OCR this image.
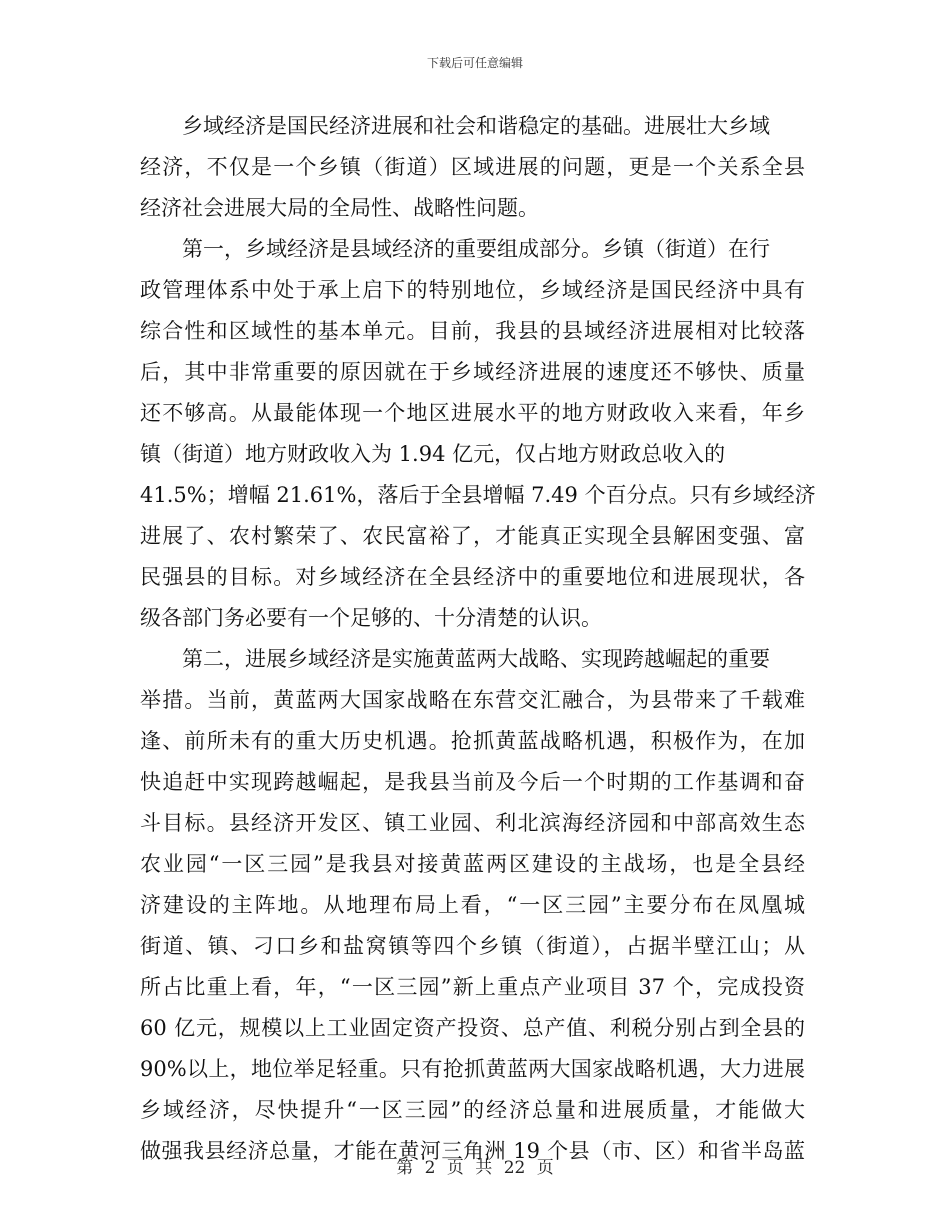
下载后可任意编辑
乡域经济是国民经济进展和社会和谐稳定的基础。进展壮大乡域
经济，不仅是一个乡镇（街道）区域进展的问题，更是一个关系全县
经济社会进展大局的全局性、战略性问题。
第一，乡域经济是县域经济的重要组成部分。乡镇（街道）在行
政管理体系中处于承上启下的特别地位，乡域经济是国民经济中具有
综合性和区域性的基本单元。目前，我县的县域经济进展相对比较落
后，其中非常重要的原因就在于乡域经济进展的速度还不够快、质量
还不够高。从最能体现一个地区进展水平的地方财政收入来看，年乡
镇（街道）地方财政收入为 1.94 亿元，仅占地方财政总收入的
41.5%；增幅 21.61%，落后于全县增幅 7.49 个百分点。只有乡域经济
进展了、农村繁荣了、农民富裕了，才能真正实现全县解困变强、富
民强县的目标。对乡域经济在全县经济中的重要地位和进展现状，各
级各部门务必要有一个足够的、十分清楚的认识。
第二，进展乡域经济是实施黄蓝两大战略、实现跨越崛起的重要
举措。当前，黄蓝两大国家战略在东营交汇融合，为县带来了千载难
逢、前所未有的重大历史机遇。抢抓黄蓝战略机遇，积极作为，在加
快追赶中实现跨越崛起，是我县当前及今后一个时期的工作基调和奋
斗目标。县经济开发区、镇工业园、利北滨海经济园和中部高效生态
农业园“一区三园”是我县对接黄蓝两区建设的主战场，也是全县经
济建设的主阵地。从地理布局上看，“一区三园”主要分布在凤凰城
街道、镇、刁口乡和盐窝镇等四个乡镇（街道），占据半壁江山；从
所占比重上看，年，“一区三园”新上重点产业项目 37 个，完成投资
60 亿元，规模以上工业固定资产投资、总产值、利税分别占到全县的
90%以上，地位举足轻重。只有抢抓黄蓝两大国家战略机遇，大力进展
乡域经济，尽快提升“一区三园”的经济总量和进展质量，才能做大
做强我县经济总量，才能在黄河三角洲 19 个县（市、区）和省半岛蓝
第 2 页 共 22 页
